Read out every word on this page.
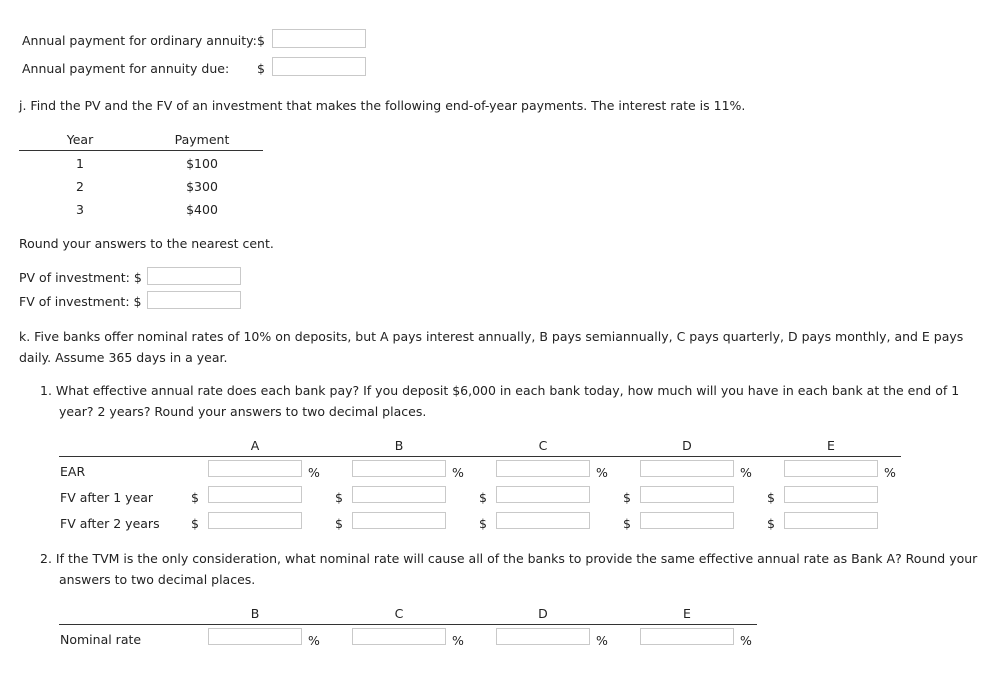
Annual payment for ordinary annuity: $
Annual payment for annuity due: $
j. Find the PV and the FV of an investment that makes the following end-of-year payments. The interest rate is 11%.
Year	Payment
1	$100
2	$300
3	$400
Round your answers to the nearest cent.
PV of investment: $
FV of investment: $
k. Five banks offer nominal rates of 10% on deposits, but A pays interest annually, B pays semiannually, C pays quarterly, D pays monthly, and E pays
daily. Assume 365 days in a year.
1. What effective annual rate does each bank pay? If you deposit $6,000 in each bank today, how much will you have in each bank at the end of 1
year? 2 years? Round your answers to two decimal places.
A	B	C	D	E
EAR	%	%	%	%	%
FV after 1 year	$	$	$	$	$
FV after 2 years	$	$	$	$	$
2. If the TVM is the only consideration, what nominal rate will cause all of the banks to provide the same effective annual rate as Bank A? Round your
answers to two decimal places.
B	C	D	E
Nominal rate	%	%	%	%
